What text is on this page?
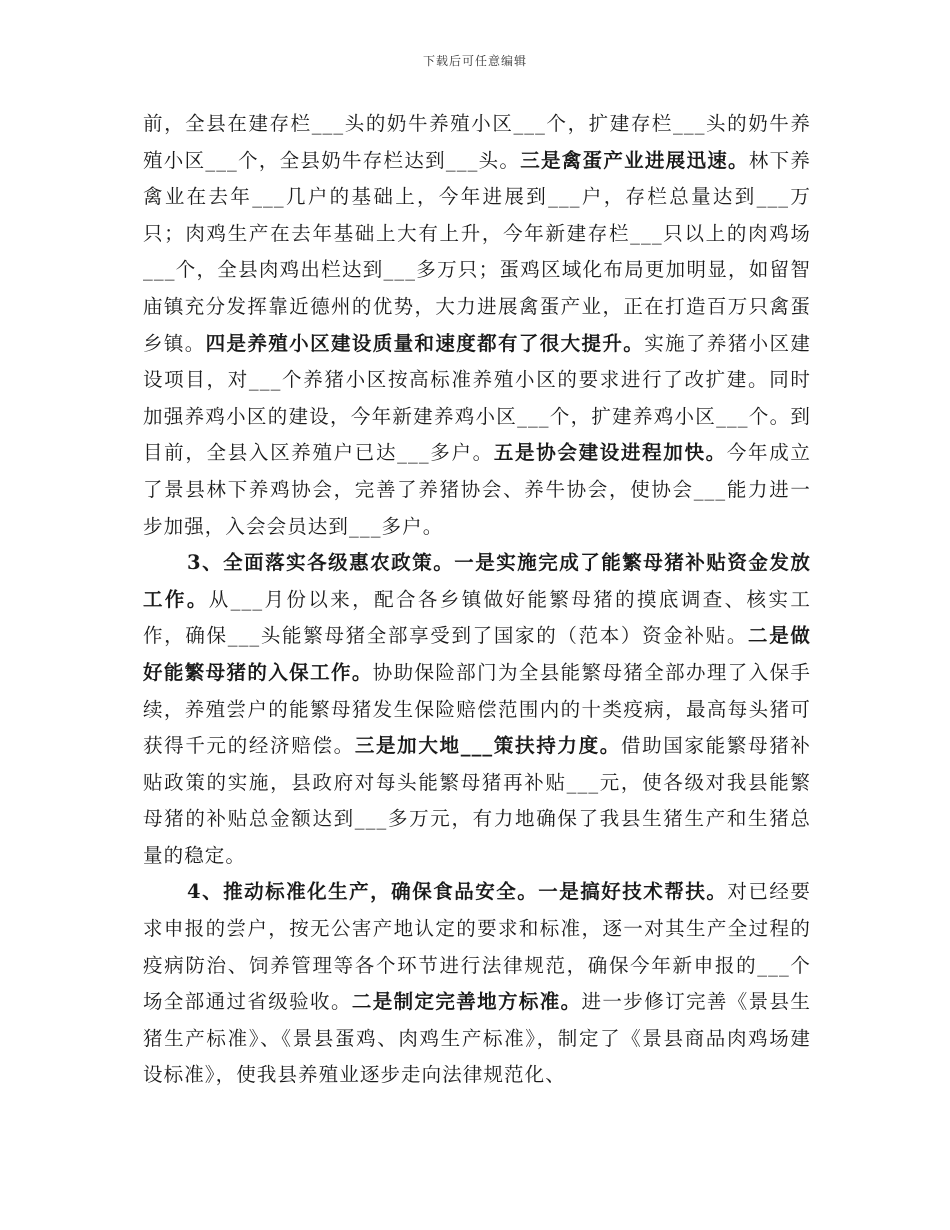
下载后可任意编辑

前，全县在建存栏___头的奶牛养殖小区___个，扩建存栏___头的奶牛养殖小区___个，全县奶牛存栏达到___头。三是禽蛋产业进展迅速。林下养禽业在去年___几户的基础上，今年进展到___户，存栏总量达到___万只；肉鸡生产在去年基础上大有上升，今年新建存栏___只以上的肉鸡场___个，全县肉鸡出栏达到___多万只；蛋鸡区域化布局更加明显，如留智庙镇充分发挥靠近德州的优势，大力进展禽蛋产业，正在打造百万只禽蛋乡镇。四是养殖小区建设质量和速度都有了很大提升。实施了养猪小区建设项目，对___个养猪小区按高标准养殖小区的要求进行了改扩建。同时加强养鸡小区的建设，今年新建养鸡小区___个，扩建养鸡小区___个。到目前，全县入区养殖户已达___多户。五是协会建设进程加快。今年成立了景县林下养鸡协会，完善了养猪协会、养牛协会，使协会___能力进一步加强，入会会员达到___多户。

3、全面落实各级惠农政策。一是实施完成了能繁母猪补贴资金发放工作。从___月份以来，配合各乡镇做好能繁母猪的摸底调查、核实工作，确保___头能繁母猪全部享受到了国家的（范本）资金补贴。二是做好能繁母猪的入保工作。协助保险部门为全县能繁母猪全部办理了入保手续，养殖尝户的能繁母猪发生保险赔偿范围内的十类疫病，最高每头猪可获得千元的经济赔偿。三是加大地___策扶持力度。借助国家能繁母猪补贴政策的实施，县政府对每头能繁母猪再补贴___元，使各级对我县能繁母猪的补贴总金额达到___多万元，有力地确保了我县生猪生产和生猪总量的稳定。

4、推动标准化生产，确保食品安全。一是搞好技术帮扶。对已经要求申报的尝户，按无公害产地认定的要求和标准，逐一对其生产全过程的疫病防治、饲养管理等各个环节进行法律规范，确保今年新申报的___个场全部通过省级验收。二是制定完善地方标准。进一步修订完善《景县生猪生产标准》、《景县蛋鸡、肉鸡生产标准》，制定了《景县商品肉鸡场建设标准》，使我县养殖业逐步走向法律规范化、
